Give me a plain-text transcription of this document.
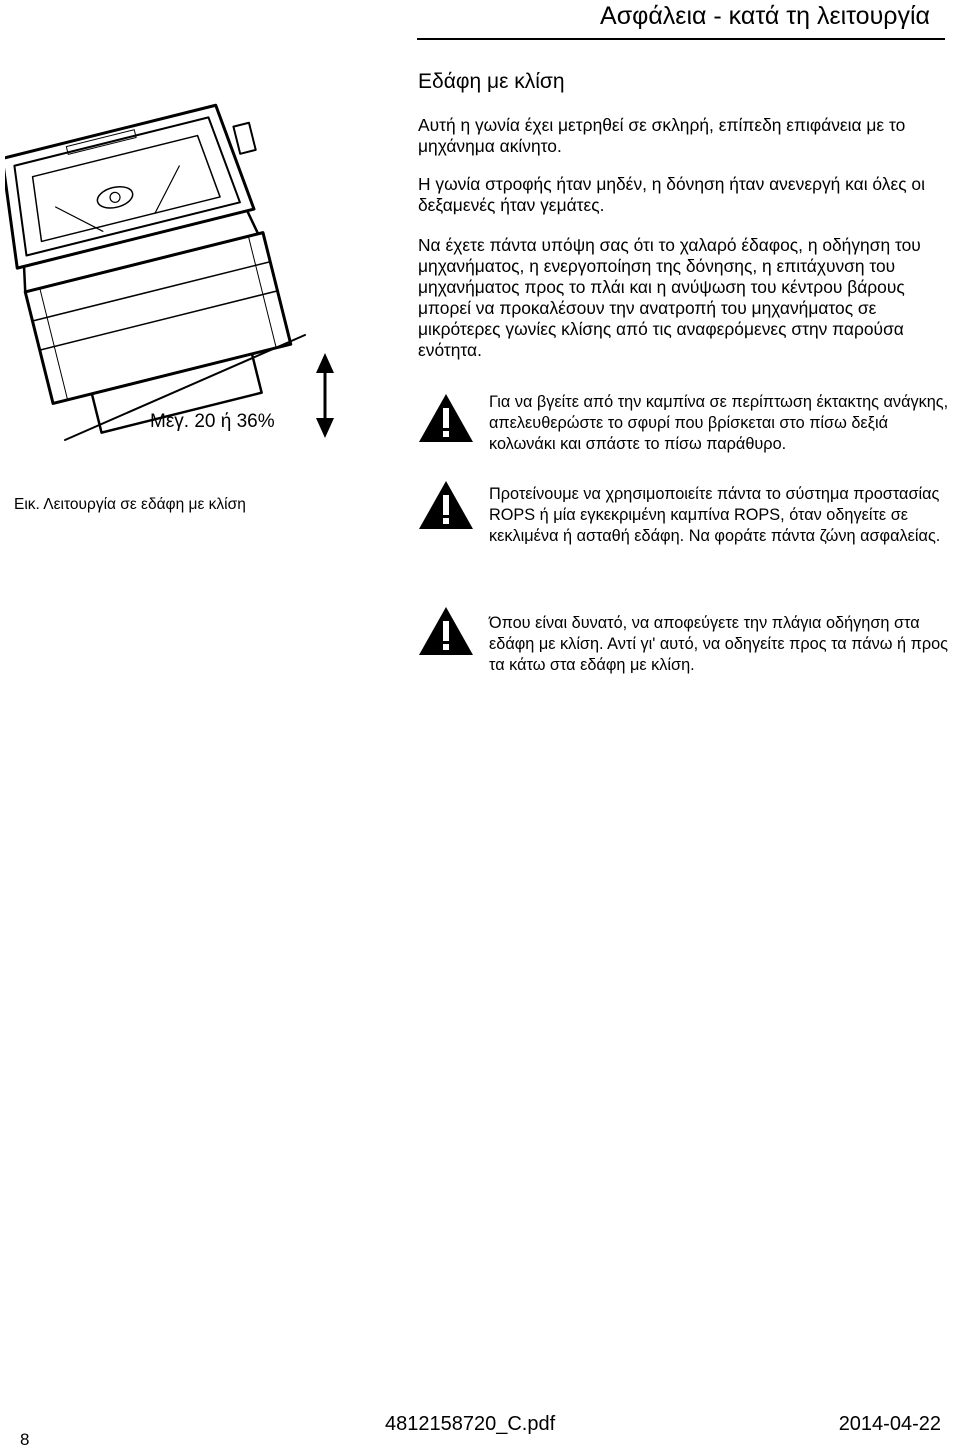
Ασφάλεια - κατά τη λειτουργία
Μεγ. 20 ή 36%
Εικ. Λειτουργία σε εδάφη με κλίση
Εδάφη με κλίση
Αυτή η γωνία έχει μετρηθεί σε σκληρή, επίπεδη επιφάνεια με το μηχάνημα ακίνητο.
Η γωνία στροφής ήταν μηδέν, η δόνηση ήταν ανενεργή και όλες οι δεξαμενές ήταν γεμάτες.
Να έχετε πάντα υπόψη σας ότι το χαλαρό έδαφος, η οδήγηση του μηχανήματος, η ενεργοποίηση της δόνησης, η επιτάχυνση του μηχανήματος προς το πλάι και η ανύψωση του κέντρου βάρους μπορεί να προκαλέσουν την ανατροπή του μηχανήματος σε μικρότερες γωνίες κλίσης από τις αναφερόμενες στην παρούσα ενότητα.
Για να βγείτε από την καμπίνα σε περίπτωση έκτακτης ανάγκης, απελευθερώστε το σφυρί που βρίσκεται στο πίσω δεξιά κολωνάκι και σπάστε το πίσω παράθυρο.
Προτείνουμε να χρησιμοποιείτε πάντα το σύστημα προστασίας ROPS ή μία εγκεκριμένη καμπίνα ROPS, όταν οδηγείτε σε κεκλιμένα ή ασταθή εδάφη. Να φοράτε πάντα ζώνη ασφαλείας.
Όπου είναι δυνατό, να αποφεύγετε την πλάγια οδήγηση στα εδάφη με κλίση. Αντί γι' αυτό, να οδηγείτε προς τα πάνω ή προς τα κάτω στα εδάφη με κλίση.
8
4812158720_C.pdf	2014-04-22
